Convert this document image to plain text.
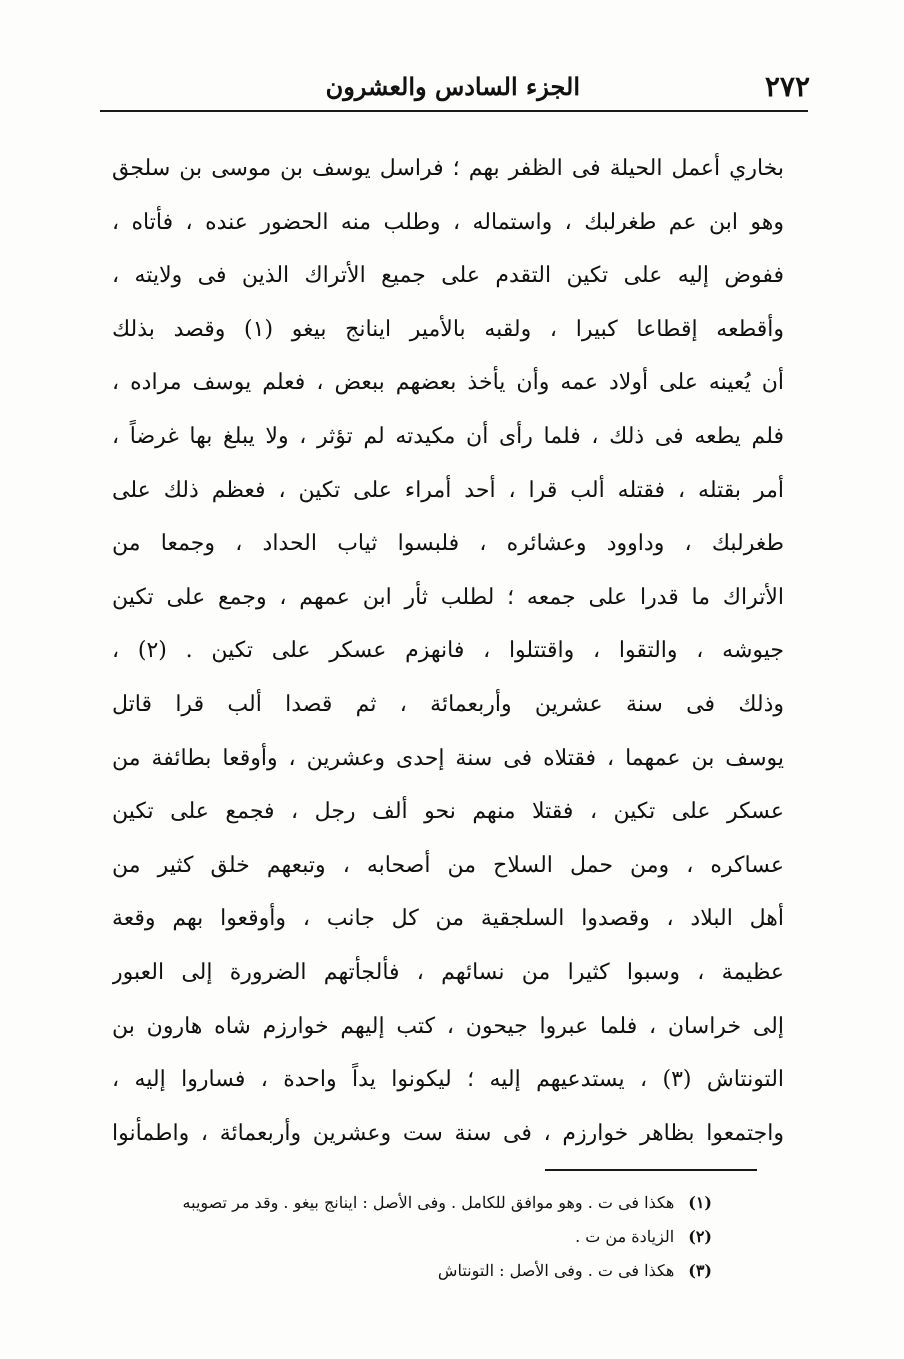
٢٧٢
الجزء السادس والعشرون
بخاري أعمل الحيلة فى الظفر بهم ؛ فراسل يوسف بن موسى بن سلجق
وهو ابن عم طغرلبك ، واستماله ، وطلب منه الحضور عنده ، فأتاه ،
ففوض إليه على تكين التقدم على جميع الأتراك الذين فى ولايته ،
وأقطعه إقطاعا كبيرا ، ولقبه بالأمير اينانج بيغو (١) وقصد بذلك
أن يُعينه على أولاد عمه وأن يأخذ بعضهم ببعض ، فعلم يوسف مراده ،
فلم يطعه فى ذلك ، فلما رأى أن مكيدته لم تؤثر ، ولا يبلغ بها غرضاً ،
أمر بقتله ، فقتله ألب قرا ، أحد أمراء على تكين ، فعظم ذلك على
طغرلبك ، وداوود وعشائره ، فلبسوا ثياب الحداد ، وجمعا من
الأتراك ما قدرا على جمعه ؛ لطلب ثأر ابن عمهم ، وجمع على تكين
جيوشه ، والتقوا ، واقتتلوا ، فانهزم عسكر على تكين . (٢) ،
وذلك فى سنة عشرين وأربعمائة ، ثم قصدا ألب قرا قاتل
يوسف بن عمهما ، فقتلاه فى سنة إحدى وعشرين ، وأوقعا بطائفة من
عسكر على تكين ، فقتلا منهم نحو ألف رجل ، فجمع على تكين
عساكره ، ومن حمل السلاح من أصحابه ، وتبعهم خلق كثير من
أهل البلاد ، وقصدوا السلجقية من كل جانب ، وأوقعوا بهم وقعة
عظيمة ، وسبوا كثيرا من نسائهم ، فألجأتهم الضرورة إلى العبور
إلى خراسان ، فلما عبروا جيحون ، كتب إليهم خوارزم شاه هارون بن
التونتاش (٣) ، يستدعيهم إليه ؛ ليكونوا يداً واحدة ، فساروا إليه ،
واجتمعوا بظاهر خوارزم ، فى سنة ست وعشرين وأربعمائة ، واطمأنوا
(١)هكذا فى ت . وهو موافق للكامل . وفى الأصل : اينانج بيغو . وقد مر تصويبه
(٢)الزيادة من ت .
(٣)هكذا فى ت . وفى الأصل : التونتاش
